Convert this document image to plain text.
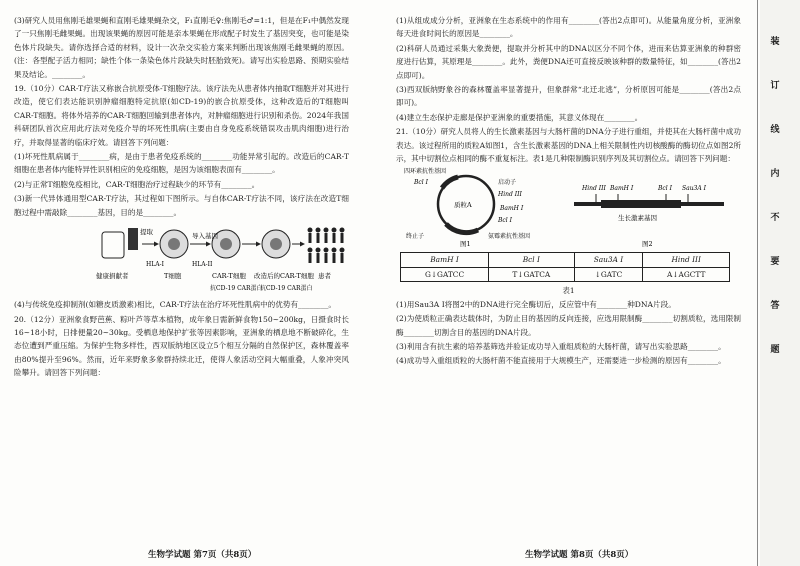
装 订 线 内 不 要 答 题

(3)研究人员用焦刚毛雄果蝇和直刚毛雄果蝇杂交，F₁直刚毛♀:焦刚毛♂=1:1，但是在F₁中偶然发现了一只焦刚毛雌果蝇。出现该果蝇的原因可能是亲本果蝇在形成配子时发生了基因突变，也可能是染色体片段缺失。请你选择合适的材料，设计一次杂交实验方案来判断出现该焦刚毛雌果蝇的原因。(注：各型配子活力相同；缺性个体一条染色体片段缺失时胚胎致死)。请写出实验思路、预期实验结果及结论。________。

19.（10分）CAR-T疗法又称嵌合抗原受体-T细胞疗法。该疗法先从患者体内抽取T细胞并对其进行改造，使它们表达能识别肿瘤细胞特定抗原(如CD-19)的嵌合抗原受体，这种改造后的T细胞叫CAR-T细胞。将体外培养的CAR-T细胞回输到患者体内，对肿瘤细胞进行识别和杀伤。2024年我国科研团队首次应用此疗法对免疫介导的坏死性肌病(主要由自身免疫系统错误攻击肌肉细胞)进行治疗，并取得显著的临床疗效。请回答下列问题：

(1)坏死性肌病属于________病，是由于患者免疫系统的________功能异常引起的。改造后的CAR-T细胞在患者体内能特异性识别相应的免疫细胞，是因为该细胞表面有________。

(2)与正常T细胞免疫相比，CAR-T细胞治疗过程缺少的环节有________。

(3)新一代异体通用型CAR-T疗法，其过程如下图所示。与自体CAR-T疗法不同，该疗法在改造T细胞过程中需敲除________基因，目的是________。

提取	导入基因
健康捐献者	T细胞
HLA-I	HLA-II
CAR-T细胞 改造后的CAR-T细胞 患者
抗CD-19 CAR蛋白
抗CD-19 CAR蛋白

(4)与传统免疫抑制剂(如糖皮质激素)相比，CAR-T疗法在治疗坏死性肌病中的优势有________。

20.（12分）亚洲象食野芭蕉、粽叶芦等草本植物，成年象日需新鲜食物150~200kg，日摄食时长16~18小时，日排便量20~30kg。受栖息地保护扩张等因素影响，亚洲象的栖息地不断破碎化，生态位遭到严重压缩。为保护生物多样性，西双版纳地区设立5个相互分隔的自然保护区，森林覆盖率由80%提升至96%。然而，近年来野象多象群持续北迁，使得人象活动空间大幅重叠，人象冲突风险攀升。请回答下列问题：

生物学试题 第7页（共8页）

(1)从组成成分分析，亚洲象在生态系统中的作用有________(答出2点即可)。从能量角度分析，亚洲象每天进食时间长的原因是________。

(2)科研人员通过采集大象粪便，提取并分析其中的DNA以区分不同个体，进而来估算亚洲象的种群密度进行估算，其原理是________。此外，粪便DNA还可直接反映该种群的数量特征，如________(答出2点即可)。

(3)西双版纳野象谷的森林覆盖率显著提升，但象群常“北迁北逃”，分析原因可能是________(答出2点即可)。

(4)建立生态保护走廊是保护亚洲象的重要措施，其意义体现在________。

21.（10分）研究人员将人的生长激素基因与大肠杆菌的DNA分子进行重组，并使其在大肠杆菌中成功表达。该过程所用的质粒A如图1，含生长激素基因的DNA上相关限制性内切核酸酶的酶切位点如图2所示，其中切割位点相同的酶不重复标注。表1是几种限制酶识别序列及其切割位点。请回答下列问题：

四环素抗性基因
Bcl I	启动子
Hind III
质粒A	BamH I
Bcl I
终止子	氨霉素抗性基因
图1
Hind III BamH I	Bcl I Sau3A I
生长激素基因
图2
BamH I	Bcl I	Sau3A I	Hind III
G↓GATCC	T↓GATCA	↓GATC	A↓AGCTT
表1

(1)用Sau3A I将图2中的DNA进行完全酶切后，反应管中有________种DNA片段。

(2)为使质粒正确表达载体时，为防止目的基因的反向连接，应选用限制酶________切割质粒，选用限制酶________切割含目的基因的DNA片段。

(3)利用含有抗生素的培养基筛选并验证成功导入重组质粒的大肠杆菌，请写出实验思路________。

(4)成功导入重组质粒的大肠杆菌不能直接用于大规模生产，还需要进一步检测的原因有________。

生物学试题 第8页（共8页）
